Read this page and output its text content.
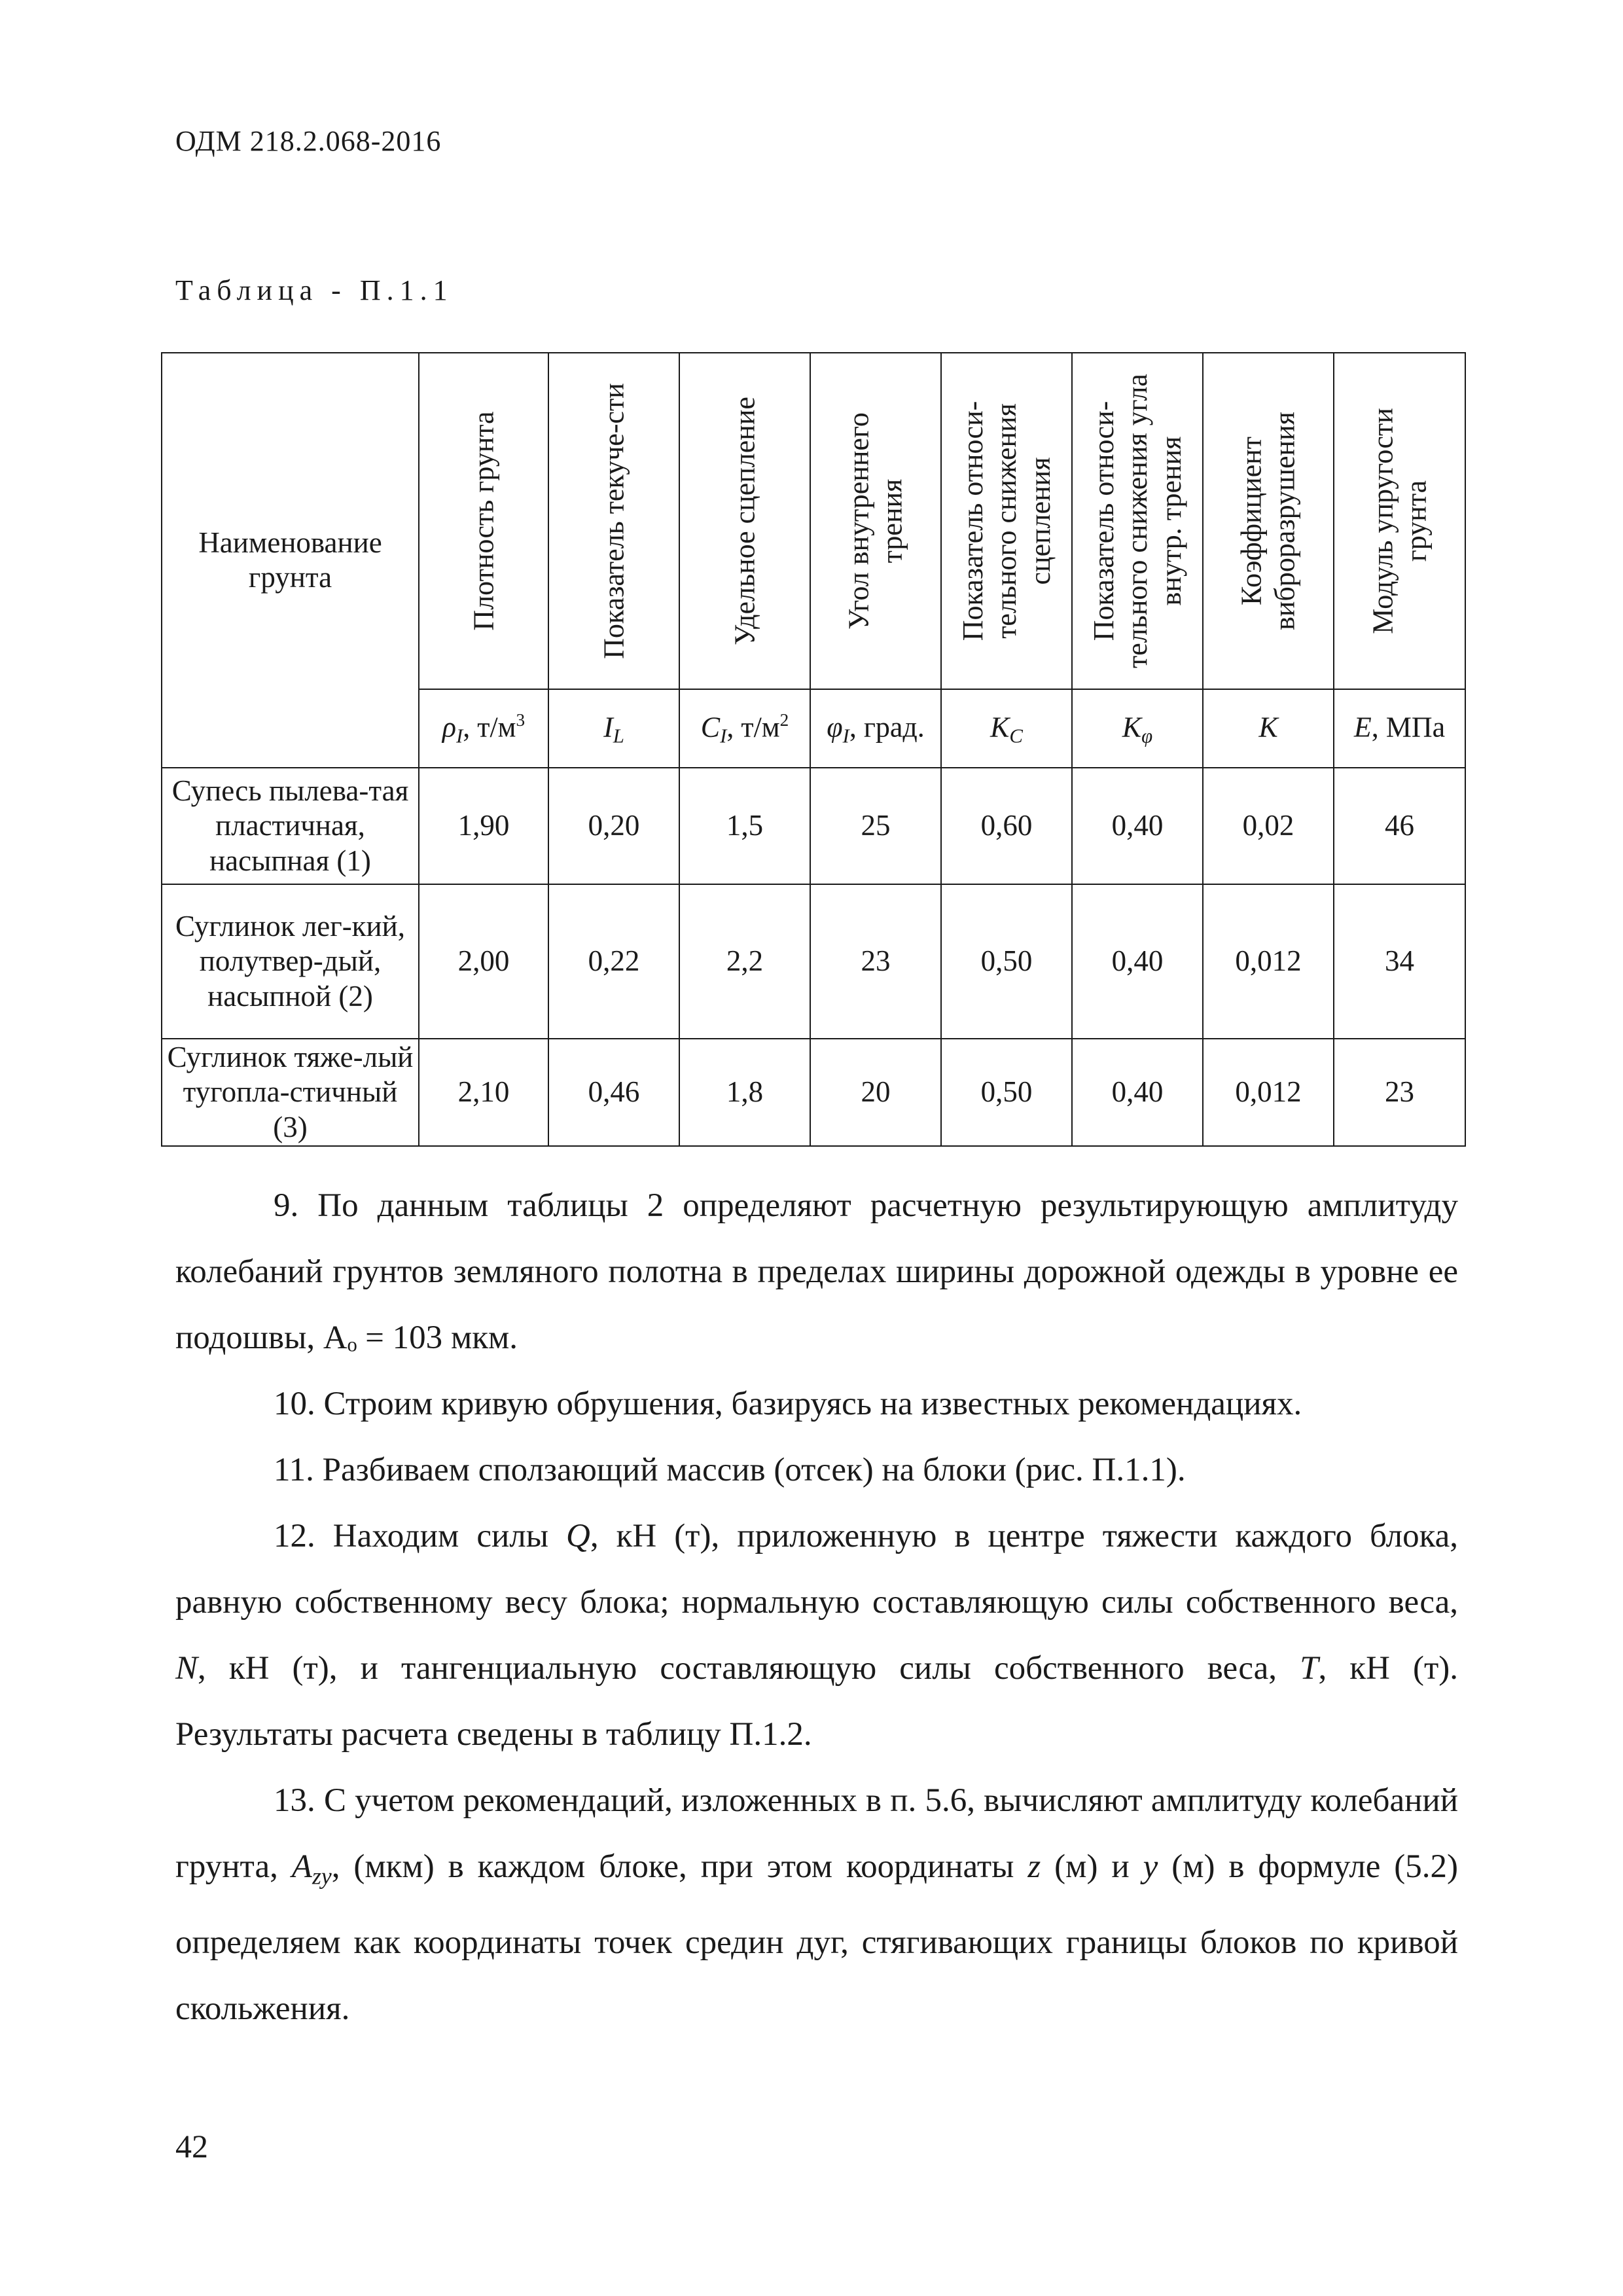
ОДМ 218.2.068-2016
Таблица - П.1.1
Наименование грунта	Плотность грунта	Показатель текуче-сти	Удельное сцепление	Угол внутреннего трения	Показатель относи-тельного снижения сцепления	Показатель относи-тельного снижения угла внутр. трения	Коэффициент виброразрушения	Модуль упругости грунта

	$\rho_I$, $т/м^3$	$I_L$	$C_I$, $т/м^2$	$\varphi_I$, град.	$K_C$	$K_\varphi$	K	E, МПа
Супесь пылева-тая пластичная, насыпная (1)	1,90	0,20	1,5	25	0,60	0,40	0,02	46
Суглинок лег-кий, полутвер-дый, насыпной (2)	2,00	0,22	2,2	23	0,50	0,40	0,012	34
Суглинок тяже-лый тугопла-стичный (3)	2,10	0,46	1,8	20	0,50	0,40	0,012	23

9. По данным таблицы 2 определяют расчетную результирующую амплитуду колебаний грунтов земляного полотна в пределах ширины дорожной одежды в уровне ее подошвы, Aₒ = 103 мкм.

10. Строим кривую обрушения, базируясь на известных рекомендациях.

11. Разбиваем сползающий массив (отсек) на блоки (рис. П.1.1).

12. Находим силы Q, кН (т), приложенную в центре тяжести каждого блока, равную собственному весу блока; нормальную составляющую силы собственного веса, N, кН (т), и тангенциальную составляющую силы собственного веса, T, кН (т). Результаты расчета сведены в таблицу П.1.2.

13. С учетом рекомендаций, изложенных в п. 5.6, вычисляют амплитуду колебаний грунта, $A_{zy}$, (мкм) в каждом блоке, при этом координаты z (м) и y (м) в формуле (5.2) определяем как координаты точек средин дуг, стягивающих границы блоков по кривой скольжения.

42
